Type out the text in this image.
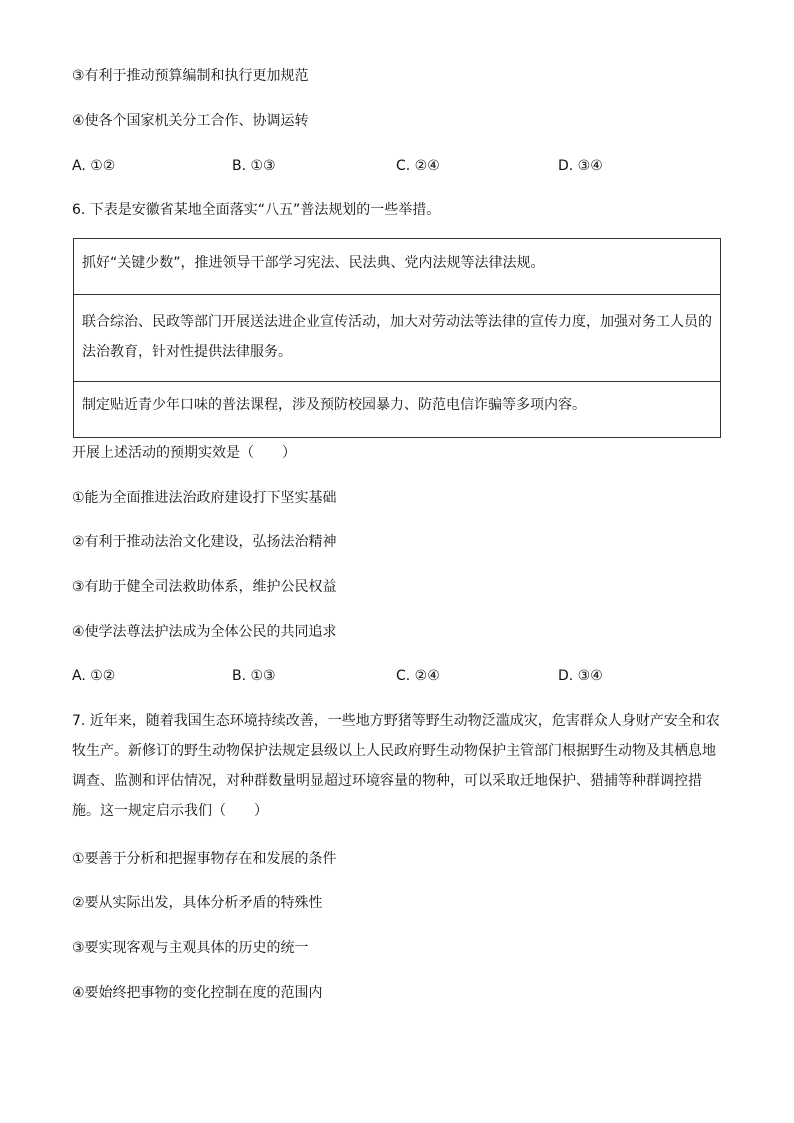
③有利于推动预算编制和执行更加规范
④使各个国家机关分工合作、协调运转
A. ①②	B. ①③	C. ②④	D. ③④
6. 下表是安徽省某地全面落实“八五”普法规划的一些举措。
抓好“关键少数”，推进领导干部学习宪法、民法典、党内法规等法律法规。
联合综治、民政等部门开展送法进企业宣传活动，加大对劳动法等法律的宣传力度，加强对务工人员的
法治教育，针对性提供法律服务。
制定贴近青少年口味的普法课程，涉及预防校园暴力、防范电信诈骗等多项内容。
开展上述活动的预期实效是（　　）
①能为全面推进法治政府建设打下坚实基础
②有利于推动法治文化建设，弘扬法治精神
③有助于健全司法救助体系，维护公民权益
④使学法尊法护法成为全体公民的共同追求
A. ①②	B. ①③	C. ②④	D. ③④
7. 近年来，随着我国生态环境持续改善，一些地方野猪等野生动物泛滥成灾，危害群众人身财产安全和农
牧生产。新修订的野生动物保护法规定县级以上人民政府野生动物保护主管部门根据野生动物及其栖息地
调查、监测和评估情况，对种群数量明显超过环境容量的物种，可以采取迁地保护、猎捕等种群调控措
施。这一规定启示我们（　　）
①要善于分析和把握事物存在和发展的条件
②要从实际出发，具体分析矛盾的特殊性
③要实现客观与主观具体的历史的统一
④要始终把事物的变化控制在度的范围内
